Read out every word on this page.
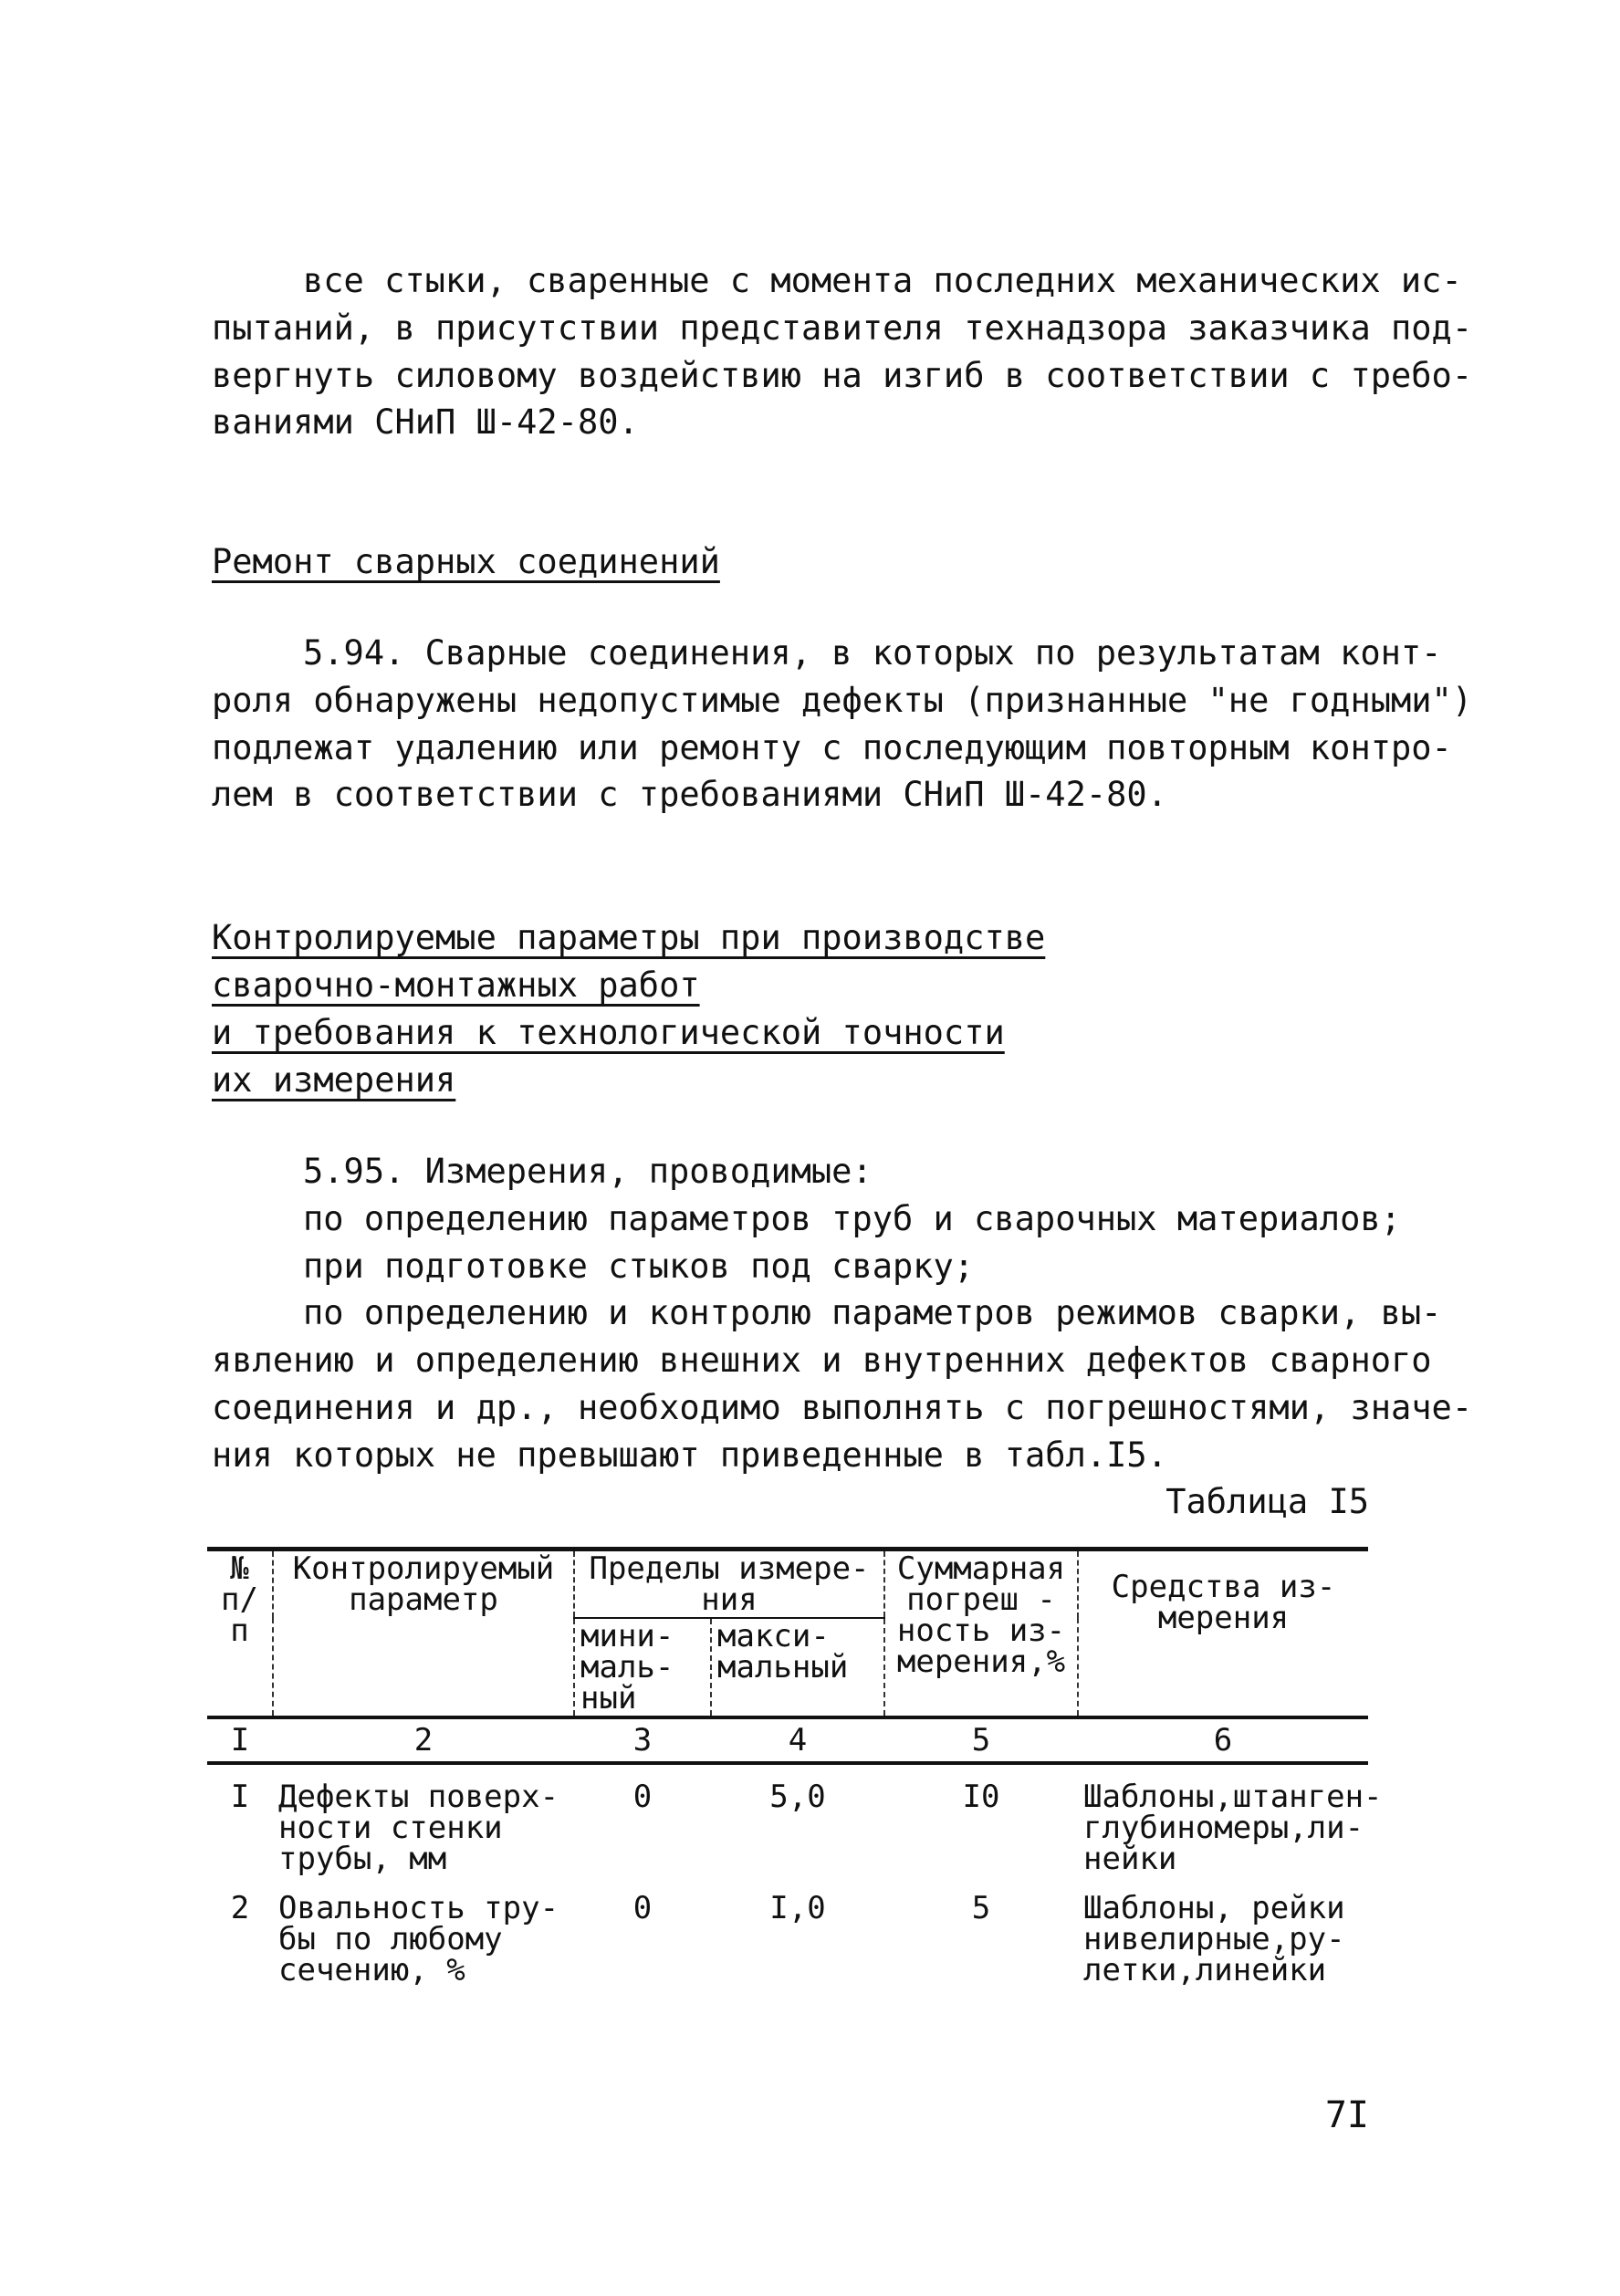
все стыки, сваренные с момента последних механических ис-
пытаний, в присутствии представителя технадзора заказчика под-
вергнуть силовому воздействию на изгиб в соответствии с требо-
ваниями СНиП Ш-42-80.
Ремонт сварных соединений
5.94. Сварные соединения, в которых по результатам конт-
роля обнаружены недопустимые дефекты (признанные "не годными")
подлежат удалению или ремонту с последующим повторным контро-
лем в соответствии с требованиями СНиП Ш-42-80.
Контролируемые параметры при производстве
сварочно-монтажных работ
и требования к технологической точности
их измерения
5.95. Измерения, проводимые:
по определению параметров труб и сварочных материалов;
при подготовке стыков под сварку;
по определению и контролю параметров режимов сварки, вы-
явлению и определению внешних и внутренних дефектов сварного
соединения и др., необходимо выполнять с погрешностями, значе-
ния которых не превышают приведенные в табл.I5.
Таблица I5
№ п/п	Контролируемый параметр	Пределы измере- ния		Суммарная погреш - ность из- мерения,%	Средства из- мерения
		мини- маль- ный	макси- мальный		
I	2	3	4	5	6
I	Дефекты поверх- ности стенки трубы, мм	0	5,0	I0	Шаблоны,штанген- глубиномеры,ли- нейки
2	Овальность тру- бы по любому сечению, %	0	I,0	5	Шаблоны, рейки нивелирные,ру- летки,линейки
7I
